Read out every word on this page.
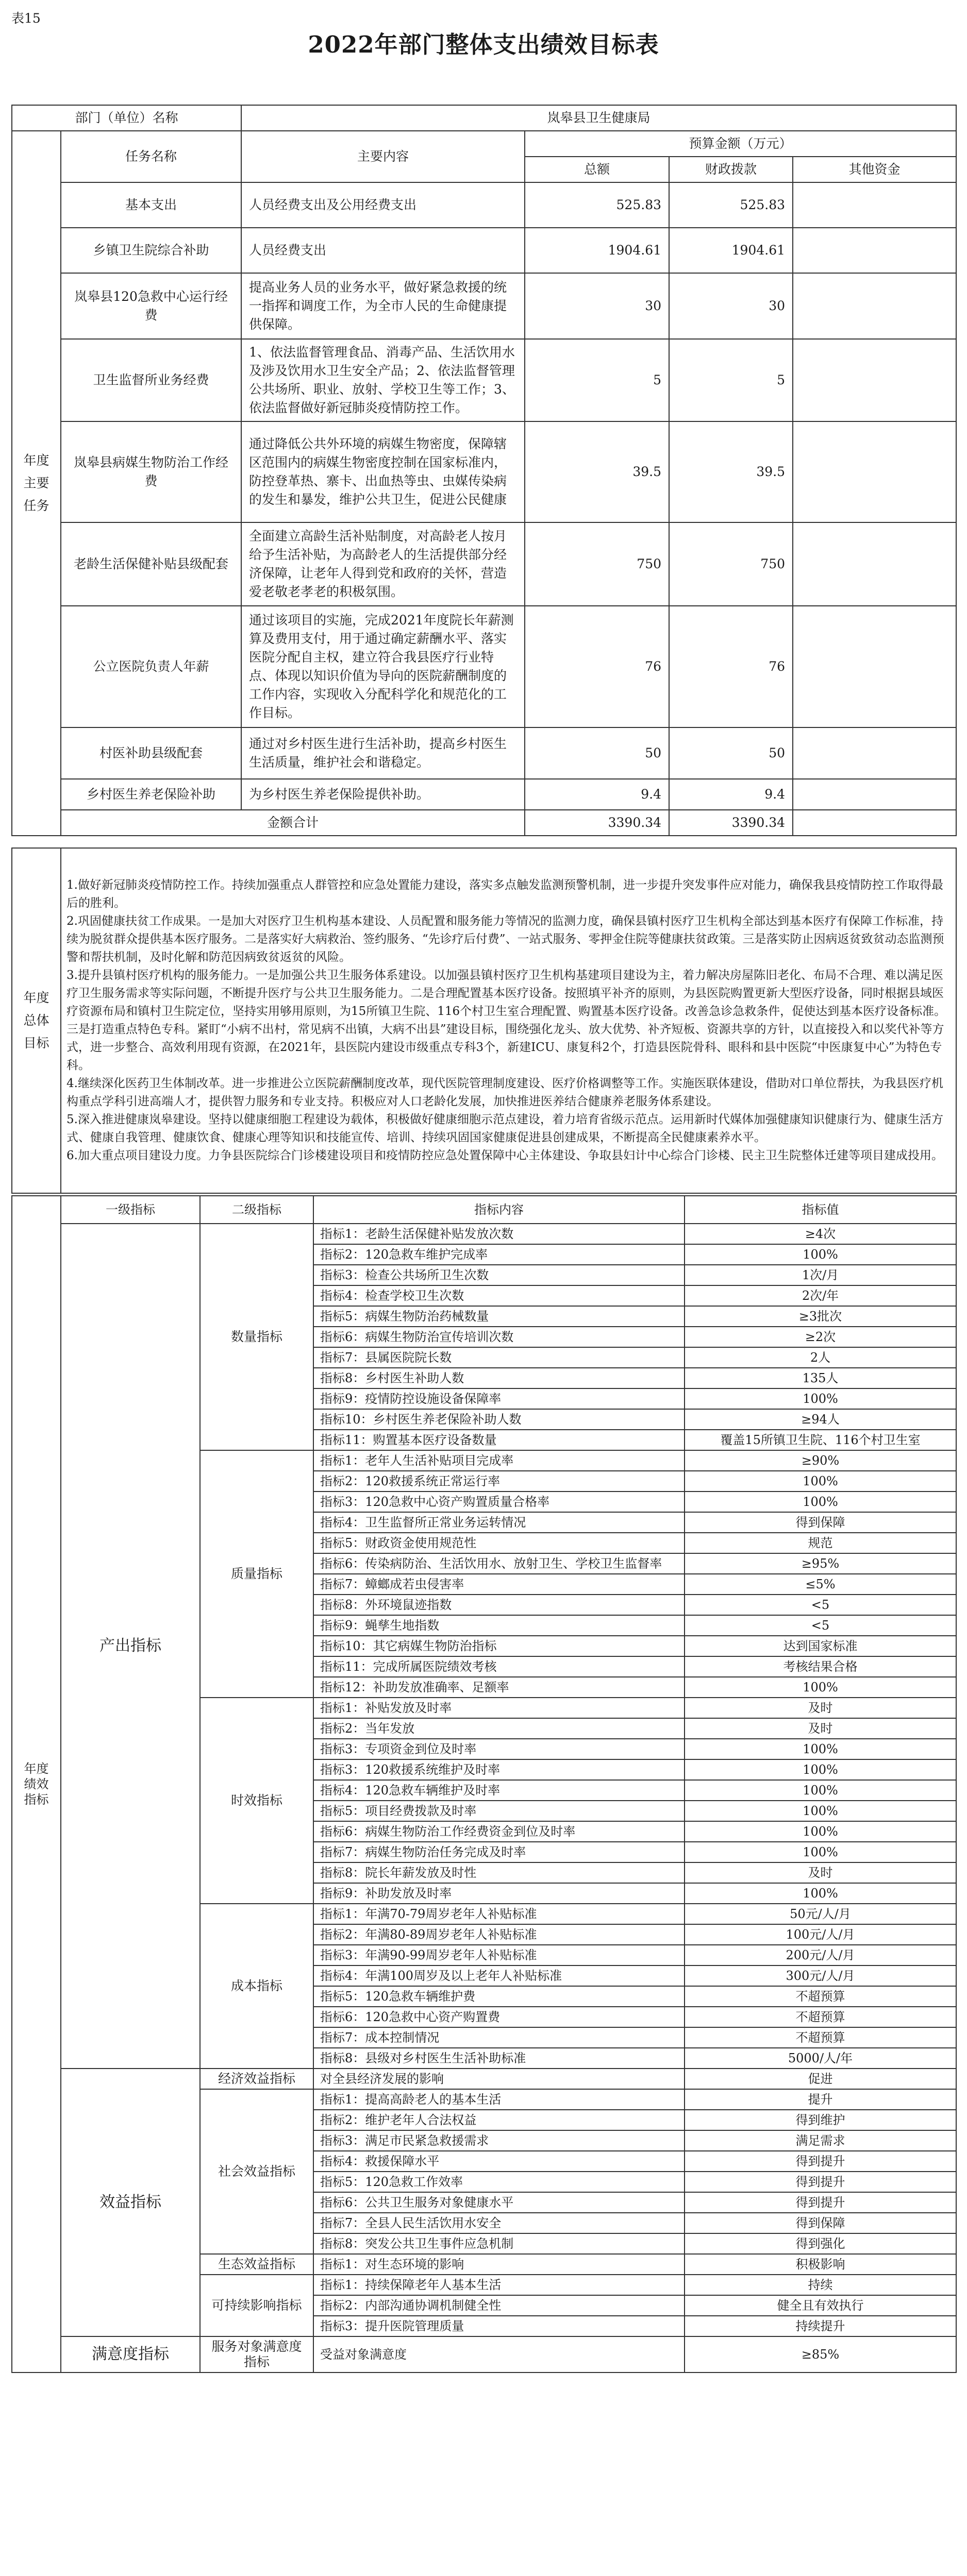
表15
2022年部门整体支出绩效目标表
部门（单位）名称		岚皋县卫生健康局			
年度主要任务	任务名称	主要内容	预算金额（万元）		
			总额	财政拨款	其他资金
	基本支出	人员经费支出及公用经费支出	525.83	525.83	
	乡镇卫生院综合补助	人员经费支出	1904.61	1904.61	
	岚皋县120急救中心运行经费	提高业务人员的业务水平，做好紧急救援的统一指挥和调度工作，为全市人民的生命健康提供保障。	30	30	
	卫生监督所业务经费	1、依法监督管理食品、消毒产品、生活饮用水及涉及饮用水卫生安全产品；2、依法监督管理公共场所、职业、放射、学校卫生等工作；3、依法监督做好新冠肺炎疫情防控工作。	5	5	
	岚皋县病媒生物防治工作经费	通过降低公共外环境的病媒生物密度，保障辖区范围内的病媒生物密度控制在国家标准内，防控登革热、寨卡、出血热等虫、虫媒传染病的发生和暴发，维护公共卫生，促进公民健康	39.5	39.5	
	老龄生活保健补贴县级配套	全面建立高龄生活补贴制度，对高龄老人按月给予生活补贴，为高龄老人的生活提供部分经济保障，让老年人得到党和政府的关怀，营造爱老敬老孝老的积极氛围。	750	750	
	公立医院负责人年薪	通过该项目的实施，完成2021年度院长年薪测算及费用支付，用于通过确定薪酬水平、落实医院分配自主权，建立符合我县医疗行业特点、体现以知识价值为导向的医院薪酬制度的工作内容，实现收入分配科学化和规范化的工作目标。	76	76	
	村医补助县级配套	通过对乡村医生进行生活补助，提高乡村医生生活质量，维护社会和谐稳定。	50	50	
	乡村医生养老保险补助	为乡村医生养老保险提供补助。	9.4	9.4	
	金额合计		3390.34	3390.34	
年度总体目标	
1.做好新冠肺炎疫情防控工作。持续加强重点人群管控和应急处置能力建设，落实多点触发监测预警机制，进一步提升突发事件应对能力，确保我县疫情防控工作取得最后的胜利。
2.巩固健康扶贫工作成果。一是加大对医疗卫生机构基本建设、人员配置和服务能力等情况的监测力度，确保县镇村医疗卫生机构全部达到基本医疗有保障工作标准，持续为脱贫群众提供基本医疗服务。二是落实好大病救治、签约服务、“先诊疗后付费”、一站式服务、零押金住院等健康扶贫政策。三是落实防止因病返贫致贫动态监测预警和帮扶机制，及时化解和防范因病致贫返贫的风险。
3.提升县镇村医疗机构的服务能力。一是加强公共卫生服务体系建设。以加强县镇村医疗卫生机构基建项目建设为主，着力解决房屋陈旧老化、布局不合理、难以满足医疗卫生服务需求等实际问题，不断提升医疗与公共卫生服务能力。二是合理配置基本医疗设备。按照填平补齐的原则，为县医院购置更新大型医疗设备，同时根据县域医疗资源布局和镇村卫生院定位，坚持实用够用原则，为15所镇卫生院、116个村卫生室合理配置、购置基本医疗设备。改善急诊急救条件，促使达到基本医疗设备标准。三是打造重点特色专科。紧盯“小病不出村，常见病不出镇，大病不出县”建设目标，围绕强化龙头、放大优势、补齐短板、资源共享的方针，以直接投入和以奖代补等方式，进一步整合、高效利用现有资源，在2021年，县医院内建设市级重点专科3个，新建ICU、康复科2个，打造县医院骨科、眼科和县中医院“中医康复中心”为特色专科。
4.继续深化医药卫生体制改革。进一步推进公立医院薪酬制度改革，现代医院管理制度建设、医疗价格调整等工作。实施医联体建设，借助对口单位帮扶，为我县医疗机构重点学科引进高端人才，提供智力服务和专业支持。积极应对人口老龄化发展，加快推进医养结合健康养老服务体系建设。
5.深入推进健康岚皋建设。坚持以健康细胞工程建设为载体，积极做好健康细胞示范点建设，着力培育省级示范点。运用新时代媒体加强健康知识健康行为、健康生活方式、健康自我管理、健康饮食、健康心理等知识和技能宣传、培训、持续巩固国家健康促进县创建成果，不断提高全民健康素养水平。
6.加大重点项目建设力度。力争县医院综合门诊楼建设项目和疫情防控应急处置保障中心主体建设、争取县妇计中心综合门诊楼、民主卫生院整体迁建等项目建成投用。
年度绩效指标	一级指标	二级指标	指标内容	指标值
	产出指标	数量指标	指标1：老龄生活保健补贴发放次数	≥4次
			指标2：120急救车维护完成率	100%
			指标3：检查公共场所卫生次数	1次/月
			指标4：检查学校卫生次数	2次/年
			指标5：病媒生物防治药械数量	≥3批次
			指标6：病媒生物防治宣传培训次数	≥2次
			指标7：县属医院院长数	2人
			指标8：乡村医生补助人数	135人
			指标9：疫情防控设施设备保障率	100%
			指标10：乡村医生养老保险补助人数	≥94人
			指标11：购置基本医疗设备数量	覆盖15所镇卫生院、116个村卫生室
		质量指标	指标1：老年人生活补贴项目完成率	≥90%
			指标2：120救援系统正常运行率	100%
			指标3：120急救中心资产购置质量合格率	100%
			指标4：卫生监督所正常业务运转情况	得到保障
			指标5：财政资金使用规范性	规范
			指标6：传染病防治、生活饮用水、放射卫生、学校卫生监督率	≥95%
			指标7：蟑螂成若虫侵害率	≤5%
			指标8：外环境鼠迹指数	<5
			指标9：蝇孳生地指数	<5
			指标10：其它病媒生物防治指标	达到国家标准
			指标11：完成所属医院绩效考核	考核结果合格
			指标12：补助发放准确率、足额率	100%
		时效指标	指标1：补贴发放及时率	及时
			指标2：当年发放	及时
			指标3：专项资金到位及时率	100%
			指标3：120救援系统维护及时率	100%
			指标4：120急救车辆维护及时率	100%
			指标5：项目经费拨款及时率	100%
			指标6：病媒生物防治工作经费资金到位及时率	100%
			指标7：病媒生物防治任务完成及时率	100%
			指标8：院长年薪发放及时性	及时
			指标9：补助发放及时率	100%
		成本指标	指标1：年满70-79周岁老年人补贴标准	50元/人/月
			指标2：年满80-89周岁老年人补贴标准	100元/人/月
			指标3：年满90-99周岁老年人补贴标准	200元/人/月
			指标4：年满100周岁及以上老年人补贴标准	300元/人/月
			指标5：120急救车辆维护费	不超预算
			指标6：120急救中心资产购置费	不超预算
			指标7：成本控制情况	不超预算
			指标8：县级对乡村医生生活补助标准	5000/人/年
	效益指标	经济效益指标	对全县经济发展的影响	促进
		社会效益指标	指标1：提高高龄老人的基本生活	提升
			指标2：维护老年人合法权益	得到维护
			指标3：满足市民紧急救援需求	满足需求
			指标4：救援保障水平	得到提升
			指标5：120急救工作效率	得到提升
			指标6：公共卫生服务对象健康水平	得到提升
			指标7：全县人民生活饮用水安全	得到保障
			指标8：突发公共卫生事件应急机制	得到强化
		生态效益指标	指标1：对生态环境的影响	积极影响
		可持续影响指标	指标1：持续保障老年人基本生活	持续
			指标2：内部沟通协调机制健全性	健全且有效执行
			指标3：提升医院管理质量	持续提升
	满意度指标	服务对象满意度指标	受益对象满意度	≥85%
